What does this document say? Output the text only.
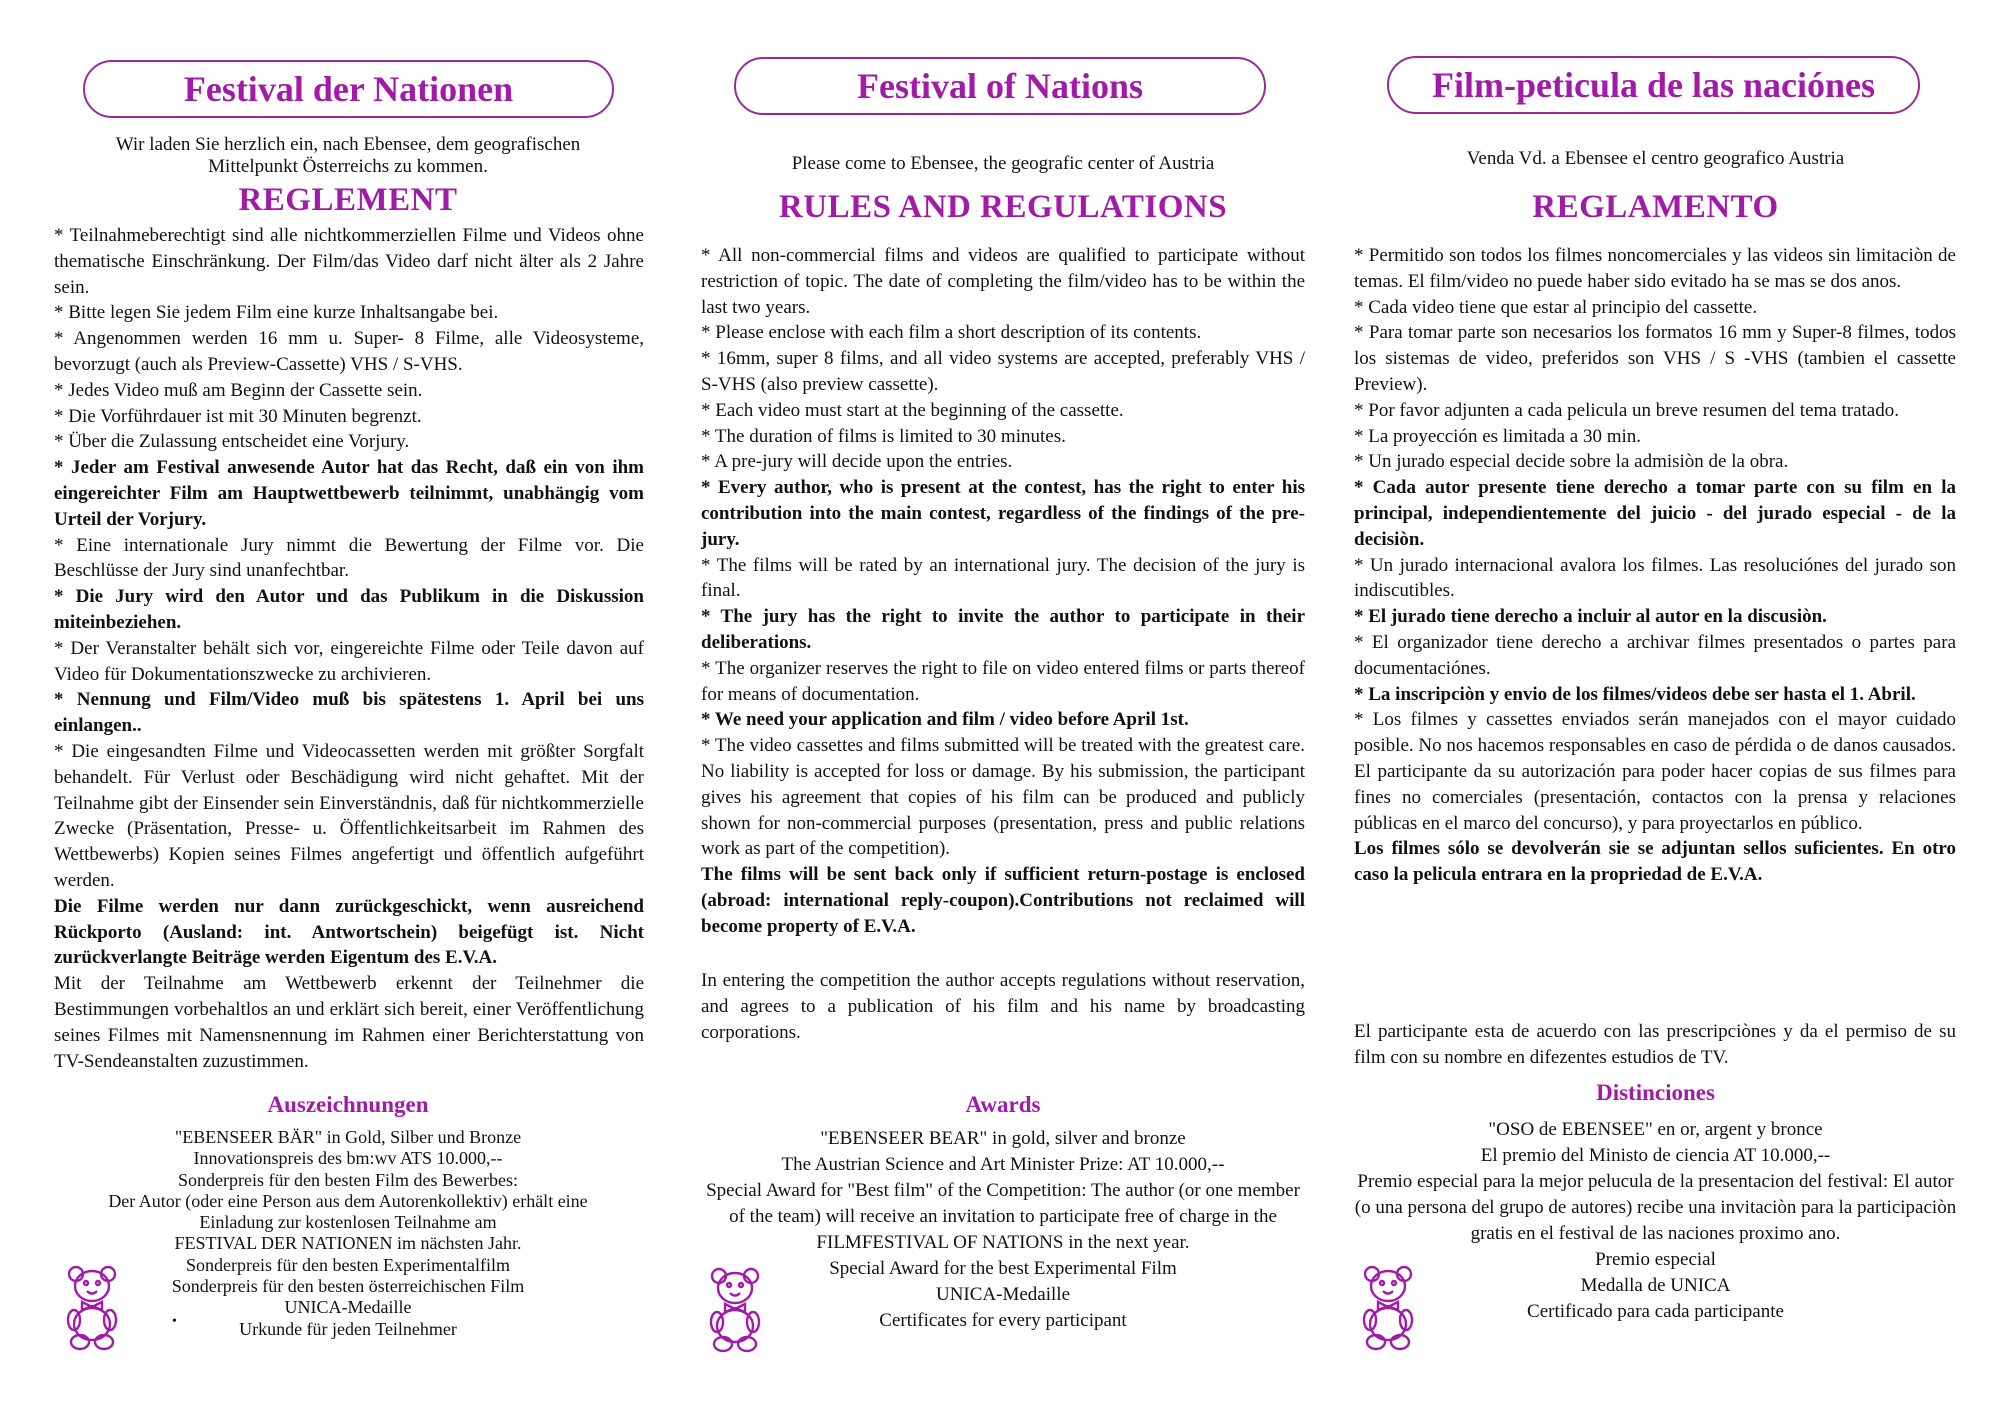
Festival der Nationen
Wir laden Sie herzlich ein, nach Ebensee, dem geografischen Mittelpunkt Österreichs zu kommen.
REGLEMENT

* Teilnahmeberechtigt sind alle nichtkommerziellen Filme und Videos ohne thematische Einschränkung. Der Film/das Video darf nicht älter als 2 Jahre sein.

* Bitte legen Sie jedem Film eine kurze Inhaltsangabe bei.

* Angenommen werden 16 mm u. Super- 8 Filme, alle Videosysteme, bevorzugt (auch als Preview-Cassette) VHS / S-VHS.

* Jedes Video muß am Beginn der Cassette sein.

* Die Vorführdauer ist mit 30 Minuten begrenzt.

* Über die Zulassung entscheidet eine Vorjury.

* Jeder am Festival anwesende Autor hat das Recht, daß ein von ihm eingereichter Film am Hauptwettbewerb teilnimmt, unabhängig vom Urteil der Vorjury.

* Eine internationale Jury nimmt die Bewertung der Filme vor. Die Beschlüsse der Jury sind unanfechtbar.

* Die Jury wird den Autor und das Publikum in die Diskussion miteinbeziehen.

* Der Veranstalter behält sich vor, eingereichte Filme oder Teile davon auf Video für Dokumentationszwecke zu archivieren.

* Nennung und Film/Video muß bis spätestens 1. April bei uns einlangen..

* Die eingesandten Filme und Videocassetten werden mit größter Sorgfalt behandelt. Für Verlust oder Beschädigung wird nicht gehaftet. Mit der Teilnahme gibt der Einsender sein Einverständnis, daß für nichtkommerzielle Zwecke (Präsentation, Presse- u. Öffentlichkeitsarbeit im Rahmen des Wettbewerbs) Kopien seines Filmes angefertigt und öffentlich aufgeführt werden.

Die Filme werden nur dann zurückgeschickt, wenn ausreichend Rückporto (Ausland: int. Antwortschein) beigefügt ist. Nicht zurückverlangte Beiträge werden Eigentum des E.V.A.

Mit der Teilnahme am Wettbewerb erkennt der Teilnehmer die Bestimmungen vorbehaltlos an und erklärt sich bereit, einer Veröffentlichung seines Filmes mit Namensnennung im Rahmen einer Berichterstattung von TV-Sendeanstalten zuzustimmen.

Auszeichnungen
"EBENSEER BÄR" in Gold, Silber und Bronze
Innovationspreis des bm:wv ATS 10.000,--
Sonderpreis für den besten Film des Bewerbes:
Der Autor (oder eine Person aus dem Autorenkollektiv) erhält eine
Einladung zur kostenlosen Teilnahme am
FESTIVAL DER NATIONEN im nächsten Jahr.
Sonderpreis für den besten Experimentalfilm
Sonderpreis für den besten österreichischen Film
UNICA-Medaille
Urkunde für jeden Teilnehmer
•
Festival of Nations
Please come to Ebensee, the geografic center of Austria
RULES AND REGULATIONS

* All non-commercial films and videos are qualified to participate without restriction of topic. The date of completing the film/video has to be within the last two years.

* Please enclose with each film a short description of its contents.

* 16mm, super 8 films, and all video systems are accepted, preferably VHS / S-VHS (also preview cassette).

* Each video must start at the beginning of the cassette.

* The duration of films is limited to 30 minutes.

* A pre-jury will decide upon the entries.

* Every author, who is present at the contest, has the right to enter his contribution into the main contest, regardless of the findings of the pre-jury.

* The films will be rated by an international jury. The decision of the jury is final.

* The jury has the right to invite the author to participate in their deliberations.

* The organizer reserves the right to file on video entered films or parts thereof for means of documentation.

* We need your application and film / video before April 1st.

* The video cassettes and films submitted will be treated with the greatest care. No liability is accepted for loss or damage. By his submission, the participant gives his agreement that copies of his film can be produced and publicly shown for non-commercial purposes (presentation, press and public relations work as part of the competition).

The films will be sent back only if sufficient return-postage is enclosed (abroad: international reply-coupon).Contributions not reclaimed will become property of E.V.A.

In entering the competition the author accepts regulations without reservation, and agrees to a publication of his film and his name by broadcasting corporations.
Awards
"EBENSEER BEAR" in gold, silver and bronze
The Austrian Science and Art Minister Prize: AT 10.000,--
Special Award for "Best film" of the Competition: The author (or one member of the team) will receive an invitation to participate free of charge in the FILMFESTIVAL OF NATIONS in the next year.
Special Award for the best Experimental Film
UNICA-Medaille
Certificates for every participant
Film-peticula de las naciónes
Venda Vd. a Ebensee el centro geografico Austria
REGLAMENTO

* Permitido son todos los filmes noncomerciales y las videos sin limitaciòn de temas. El film/video no puede haber sido evitado ha se mas se dos anos.

* Cada video tiene que estar al principio del cassette.

* Para tomar parte son necesarios los formatos 16 mm y Super-8 filmes, todos los sistemas de video, preferidos son VHS / S -VHS (tambien el cassette Preview).

* Por favor adjunten a cada pelicula un breve resumen del tema tratado.

* La proyección es limitada a 30 min.

* Un jurado especial decide sobre la admisiòn de la obra.

* Cada autor presente tiene derecho a tomar parte con su film en la principal, independientemente del juicio - del jurado especial - de la decisiòn.

* Un jurado internacional avalora los filmes. Las resoluciónes del jurado son indiscutibles.

* El jurado tiene derecho a incluir al autor en la discusiòn.

* El organizador tiene derecho a archivar filmes presentados o partes para documentaciónes.

* La inscripciòn y envio de los filmes/videos debe ser hasta el 1. Abril.

* Los filmes y cassettes enviados serán manejados con el mayor cuidado posible. No nos hacemos responsables en caso de pérdida o de danos causados. El participante da su autorización para poder hacer copias de sus filmes para fines no comerciales (presentación, contactos con la prensa y relaciones públicas en el marco del concurso), y para proyectarlos en público.

Los filmes sólo se devolverán sie se adjuntan sellos suficientes. En otro caso la pelicula entrara en la propriedad de E.V.A.

El participante esta de acuerdo con las prescripciònes y da el permiso de su film con su nombre en difezentes estudios de TV.
Distinciones
"OSO de EBENSEE" en or, argent y bronce
El premio del Ministo de ciencia AT 10.000,--
Premio especial para la mejor pelucula de la presentacion del festival: El autor (o una persona del grupo de autores) recibe una invitaciòn para la participaciòn gratis en el festival de las naciones proximo ano.
Premio especial
Medalla de UNICA
Certificado para cada participante
